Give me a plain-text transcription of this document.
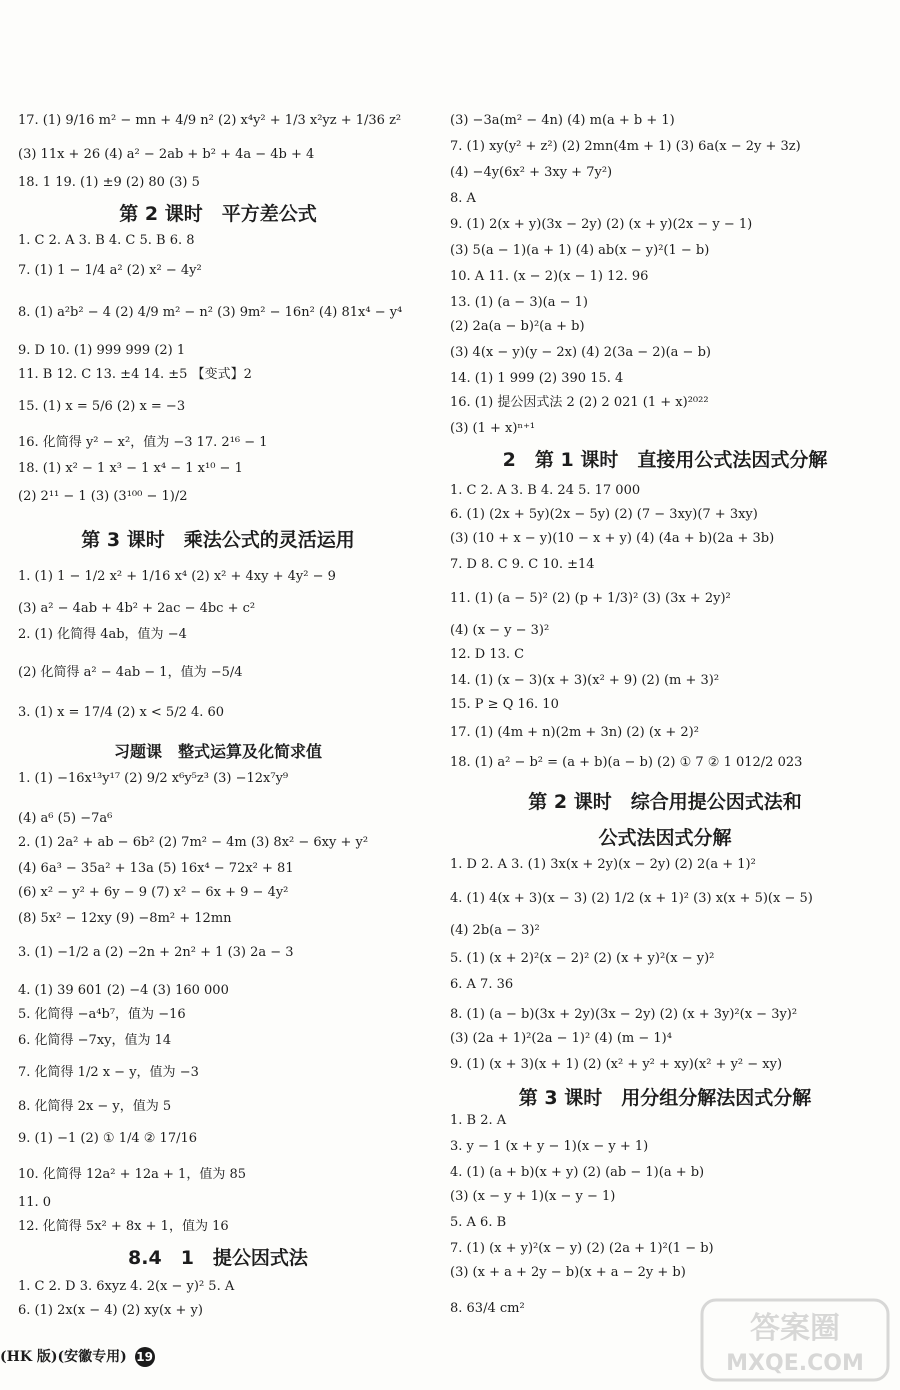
17. (1) 9/16 m² − mn + 4/9 n² (2) x⁴y² + 1/3 x²yz + 1/36 z²
(3) 11x + 26 (4) a² − 2ab + b² + 4a − 4b + 4
18. 1 19. (1) ±9 (2) 80 (3) 5
第 2 课时　平方差公式
1. C 2. A 3. B 4. C 5. B 6. 8
7. (1) 1 − 1/4 a² (2) x² − 4y²
8. (1) a²b² − 4 (2) 4/9 m² − n² (3) 9m² − 16n² (4) 81x⁴ − y⁴
9. D 10. (1) 999 999 (2) 1
11. B 12. C 13. ±4 14. ±5 【变式】2
15. (1) x = 5/6 (2) x = −3
16. 化简得 y² − x²，值为 −3 17. 2¹⁶ − 1
18. (1) x² − 1 x³ − 1 x⁴ − 1 x¹⁰ − 1
(2) 2¹¹ − 1 (3) (3¹⁰⁰ − 1)/2
第 3 课时　乘法公式的灵活运用
1. (1) 1 − 1/2 x² + 1/16 x⁴ (2) x² + 4xy + 4y² − 9
(3) a² − 4ab + 4b² + 2ac − 4bc + c²
2. (1) 化简得 4ab，值为 −4
(2) 化简得 a² − 4ab − 1，值为 −5/4
3. (1) x = 17/4 (2) x < 5/2 4. 60
习题课　整式运算及化简求值
1. (1) −16x¹³y¹⁷ (2) 9/2 x⁶y⁵z³ (3) −12x⁷y⁹
(4) a⁶ (5) −7a⁶
2. (1) 2a² + ab − 6b² (2) 7m² − 4m (3) 8x² − 6xy + y²
(4) 6a³ − 35a² + 13a (5) 16x⁴ − 72x² + 81
(6) x² − y² + 6y − 9 (7) x² − 6x + 9 − 4y²
(8) 5x² − 12xy (9) −8m² + 12mn
3. (1) −1/2 a (2) −2n + 2n² + 1 (3) 2a − 3
4. (1) 39 601 (2) −4 (3) 160 000
5. 化简得 −a⁴b⁷，值为 −16
6. 化简得 −7xy，值为 14
7. 化简得 1/2 x − y，值为 −3
8. 化简得 2x − y，值为 5
9. (1) −1 (2) ① 1/4 ② 17/16
10. 化简得 12a² + 12a + 1，值为 85
11. 0
12. 化简得 5x² + 8x + 1，值为 16
8.4　1　提公因式法
1. C 2. D 3. 6xyz 4. 2(x − y)² 5. A
6. (1) 2x(x − 4) (2) xy(x + y)
(3) −3a(m² − 4n) (4) m(a + b + 1)
7. (1) xy(y² + z²) (2) 2mn(4m + 1) (3) 6a(x − 2y + 3z)
(4) −4y(6x² + 3xy + 7y²)
8. A
9. (1) 2(x + y)(3x − 2y) (2) (x + y)(2x − y − 1)
(3) 5(a − 1)(a + 1) (4) ab(x − y)²(1 − b)
10. A 11. (x − 2)(x − 1) 12. 96
13. (1) (a − 3)(a − 1)
(2) 2a(a − b)²(a + b)
(3) 4(x − y)(y − 2x) (4) 2(3a − 2)(a − b)
14. (1) 1 999 (2) 390 15. 4
16. (1) 提公因式法 2 (2) 2 021 (1 + x)²⁰²²
(3) (1 + x)ⁿ⁺¹
2　第 1 课时　直接用公式法因式分解
1. C 2. A 3. B 4. 24 5. 17 000
6. (1) (2x + 5y)(2x − 5y) (2) (7 − 3xy)(7 + 3xy)
(3) (10 + x − y)(10 − x + y) (4) (4a + b)(2a + 3b)
7. D 8. C 9. C 10. ±14
11. (1) (a − 5)² (2) (p + 1/3)² (3) (3x + 2y)²
(4) (x − y − 3)²
12. D 13. C
14. (1) (x − 3)(x + 3)(x² + 9) (2) (m + 3)²
15. P ≥ Q 16. 10
17. (1) (4m + n)(2m + 3n) (2) (x + 2)²
18. (1) a² − b² = (a + b)(a − b) (2) ① 7 ② 1 012/2 023
第 2 课时　综合用提公因式法和
公式法因式分解
1. D 2. A 3. (1) 3x(x + 2y)(x − 2y) (2) 2(a + 1)²
4. (1) 4(x + 3)(x − 3) (2) 1/2 (x + 1)² (3) x(x + 5)(x − 5)
(4) 2b(a − 3)²
5. (1) (x + 2)²(x − 2)² (2) (x + y)²(x − y)²
6. A 7. 36
8. (1) (a − b)(3x + 2y)(3x − 2y) (2) (x + 3y)²(x − 3y)²
(3) (2a + 1)²(2a − 1)² (4) (m − 1)⁴
9. (1) (x + 3)(x + 1) (2) (x² + y² + xy)(x² + y² − xy)
第 3 课时　用分组分解法因式分解
1. B 2. A
3. y − 1 (x + y − 1)(x − y + 1)
4. (1) (a + b)(x + y) (2) (ab − 1)(a + b)
(3) (x − y + 1)(x − y − 1)
5. A 6. B
7. (1) (x + y)²(x − y) (2) (2a + 1)²(1 − b)
(3) (x + a + 2y − b)(x + a − 2y + b)
8. 63/4 cm²
(HK 版)(安徽专用) 19
答案圈
MXQE.COM
